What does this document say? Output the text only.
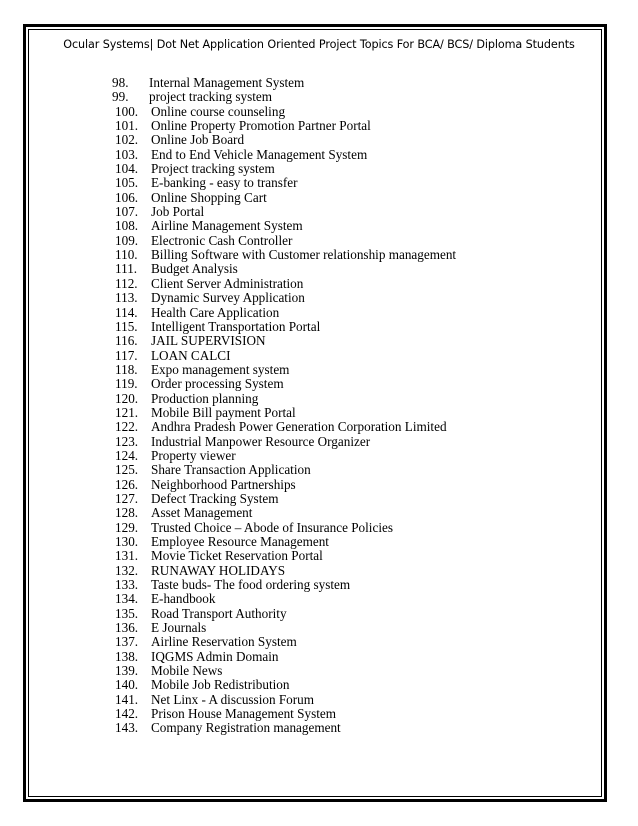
Ocular Systems| Dot Net Application Oriented Project Topics For BCA/ BCS/ Diploma Students
98. Internal Management System
99. project tracking system
100. Online course counseling
101. Online Property Promotion Partner Portal
102. Online Job Board
103. End to End Vehicle Management System
104. Project tracking system
105. E-banking - easy to transfer
106. Online Shopping Cart
107. Job Portal
108. Airline Management System
109. Electronic Cash Controller
110. Billing Software with Customer relationship management
111. Budget Analysis
112. Client Server Administration
113. Dynamic Survey Application
114. Health Care Application
115. Intelligent Transportation Portal
116. JAIL SUPERVISION
117. LOAN CALCI
118. Expo management system
119. Order processing System
120. Production planning
121. Mobile Bill payment Portal
122. Andhra Pradesh Power Generation Corporation Limited
123. Industrial Manpower Resource Organizer
124. Property viewer
125. Share Transaction Application
126. Neighborhood Partnerships
127. Defect Tracking System
128. Asset Management
129. Trusted Choice – Abode of Insurance Policies
130. Employee Resource Management
131. Movie Ticket Reservation Portal
132. RUNAWAY HOLIDAYS
133. Taste buds- The food ordering system
134. E-handbook
135. Road Transport Authority
136. E Journals
137. Airline Reservation System
138. IQGMS Admin Domain
139. Mobile News
140. Mobile Job Redistribution
141. Net Linx - A discussion Forum
142. Prison House Management System
143. Company Registration management
